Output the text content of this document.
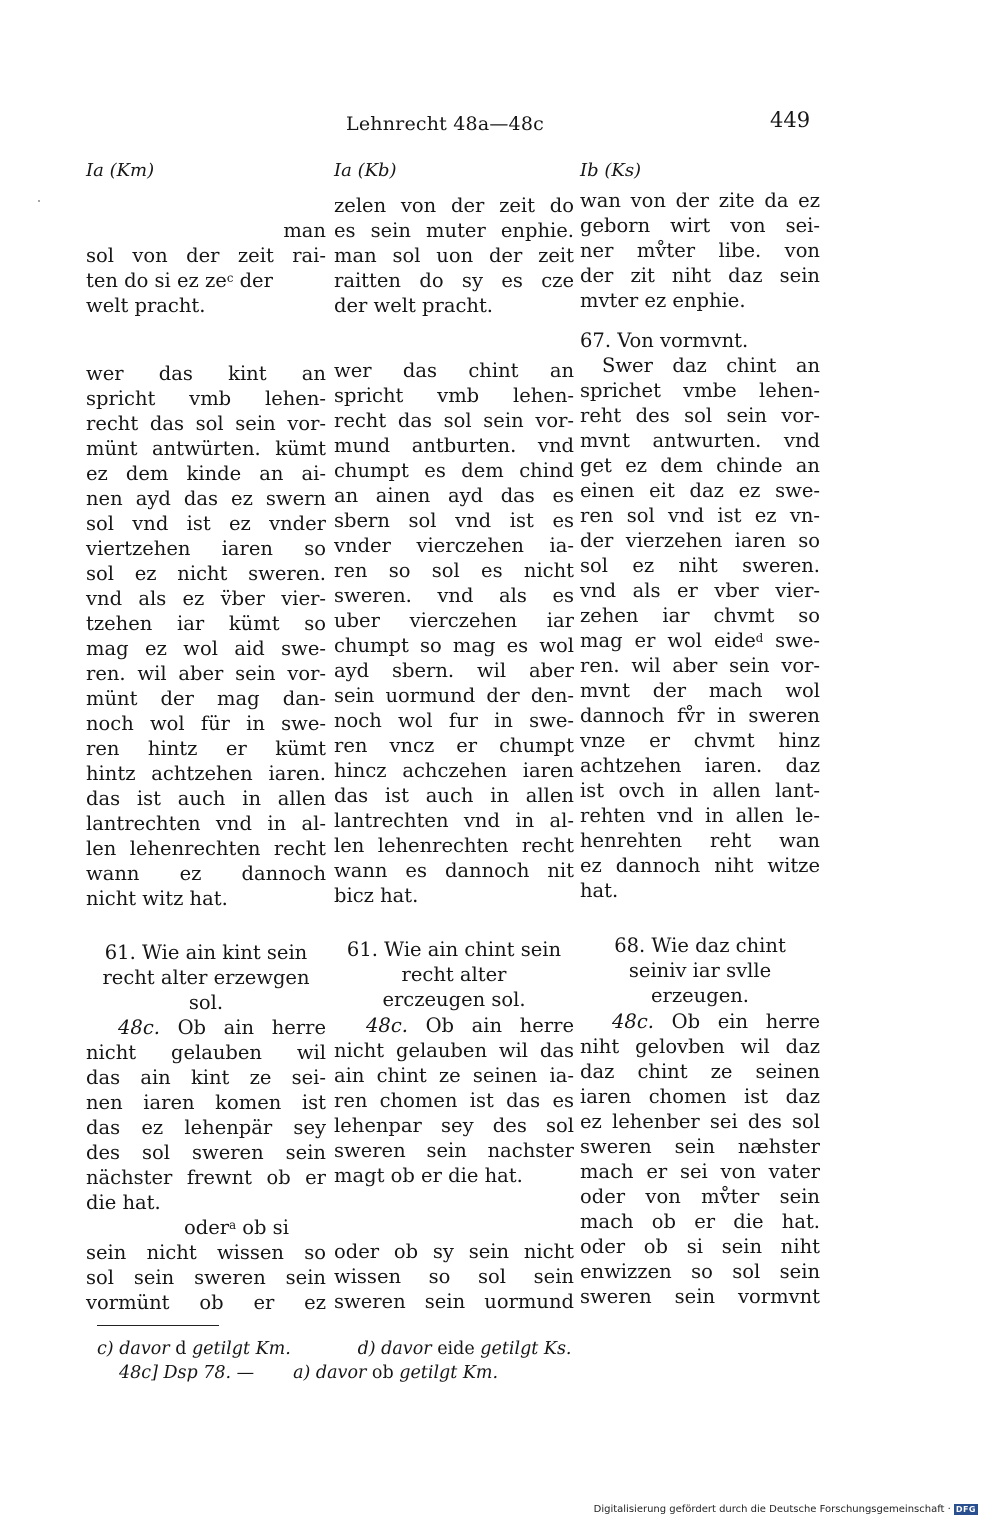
Lehnrecht 48a—48c	449
Ia (Km)

man
sol von der zeit rai-
ten do si ez $ze^c$ der
welt pracht.

wer das kint an
spricht vmb lehen-
recht das sol sein vor-
münt antwürten. kümt
ez dem kinde an ai-
nen ayd das ez swern
sol vnd ist ez vnder
viertzehen iaren so
sol ez nicht sweren.
vnd als ez v̈ber vier-
tzehen iar kümt so
mag ez wol aid swe-
ren. wil aber sein vor-
münt der mag dan-
noch wol für in swe-
ren hintz er kümt
hintz achtzehen iaren.
das ist auch in allen
lantrechten vnd in al-
len lehenrechten recht
wann ez dannoch
nicht witz hat.

61. Wie ain kint sein
recht alter erzewgen
sol.

48c. Ob ain herre
nicht gelauben wil
das ain kint ze sei-
nen iaren komen ist
das ez lehenpär sey
des sol sweren sein
nächster frewnt ob er
die hat.

oder$^a$ ob si
sein nicht wissen so
sol sein sweren sein
vormünt ob er ez

Ia (Kb)

zelen von der zeit do
es sein muter enphie.
man sol uon der zeit
raitten do sy es cze
der welt pracht.

wer das chint an
spricht vmb lehen-
recht das sol sein vor-
mund antburten. vnd
chumpt es dem chind
an ainen ayd das es
sbern sol vnd ist es
vnder vierczehen ia-
ren so sol es nicht
sweren. vnd als es
uber vierczehen iar
chumpt so mag es wol
ayd sbern. wil aber
sein uormund der den-
noch wol fur in swe-
ren vncz er chumpt
hincz achczehen iaren
das ist auch in allen
lantrechten vnd in al-
len lehenrechten recht
wann es dannoch nit
bicz hat.

61. Wie ain chint sein
recht alter
erczeugen sol.

48c. Ob ain herre
nicht gelauben wil das
ain chint ze seinen ia-
ren chomen ist das es
lehenpar sey des sol
sweren sein nachster
magt ob er die hat.

oder ob sy sein nicht
wissen so sol sein
sweren sein uormund

Ib (Ks)

wan von der zite da ez
geborn wirt von sei-
ner mv̊ter libe. von
der zit niht daz sein
mvter ez enphie.

67. Von vormvnt.
Swer daz chint an
sprichet vmbe lehen-
reht des sol sein vor-
mvnt antwurten. vnd
get ez dem chinde an
einen eit daz ez swe-
ren sol vnd ist ez vn-
der vierzehen iaren so
sol ez niht sweren.
vnd als er vber vier-
zehen iar chvmt so
mag er wol eide$^d$ swe-
ren. wil aber sein vor-
mvnt der mach wol
dannoch fv̊r in sweren
vnze er chvmt hinz
achtzehen iaren. daz
ist ovch in allen lant-
rehten vnd in allen le-
henrehten reht wan
ez dannoch niht witze
hat.

68. Wie daz chint
seiniv iar svlle
erzeugen.

48c. Ob ein herre
niht gelovben wil daz
daz chint ze seinen
iaren chomen ist daz
ez lehenber sei des sol
sweren sein næhster
mach er sei von vater
oder von mv̊ter sein
mach ob er die hat.
oder ob si sein niht
enwizzen so sol sein
sweren sein vormvnt

c) davor d getilgt Km.	d) davor eide getilgt Ks.
48c] Dsp 78. — a) davor ob getilgt Km.
Digitalisierung gefördert durch die Deutsche Forschungsgemeinschaft · DFG
